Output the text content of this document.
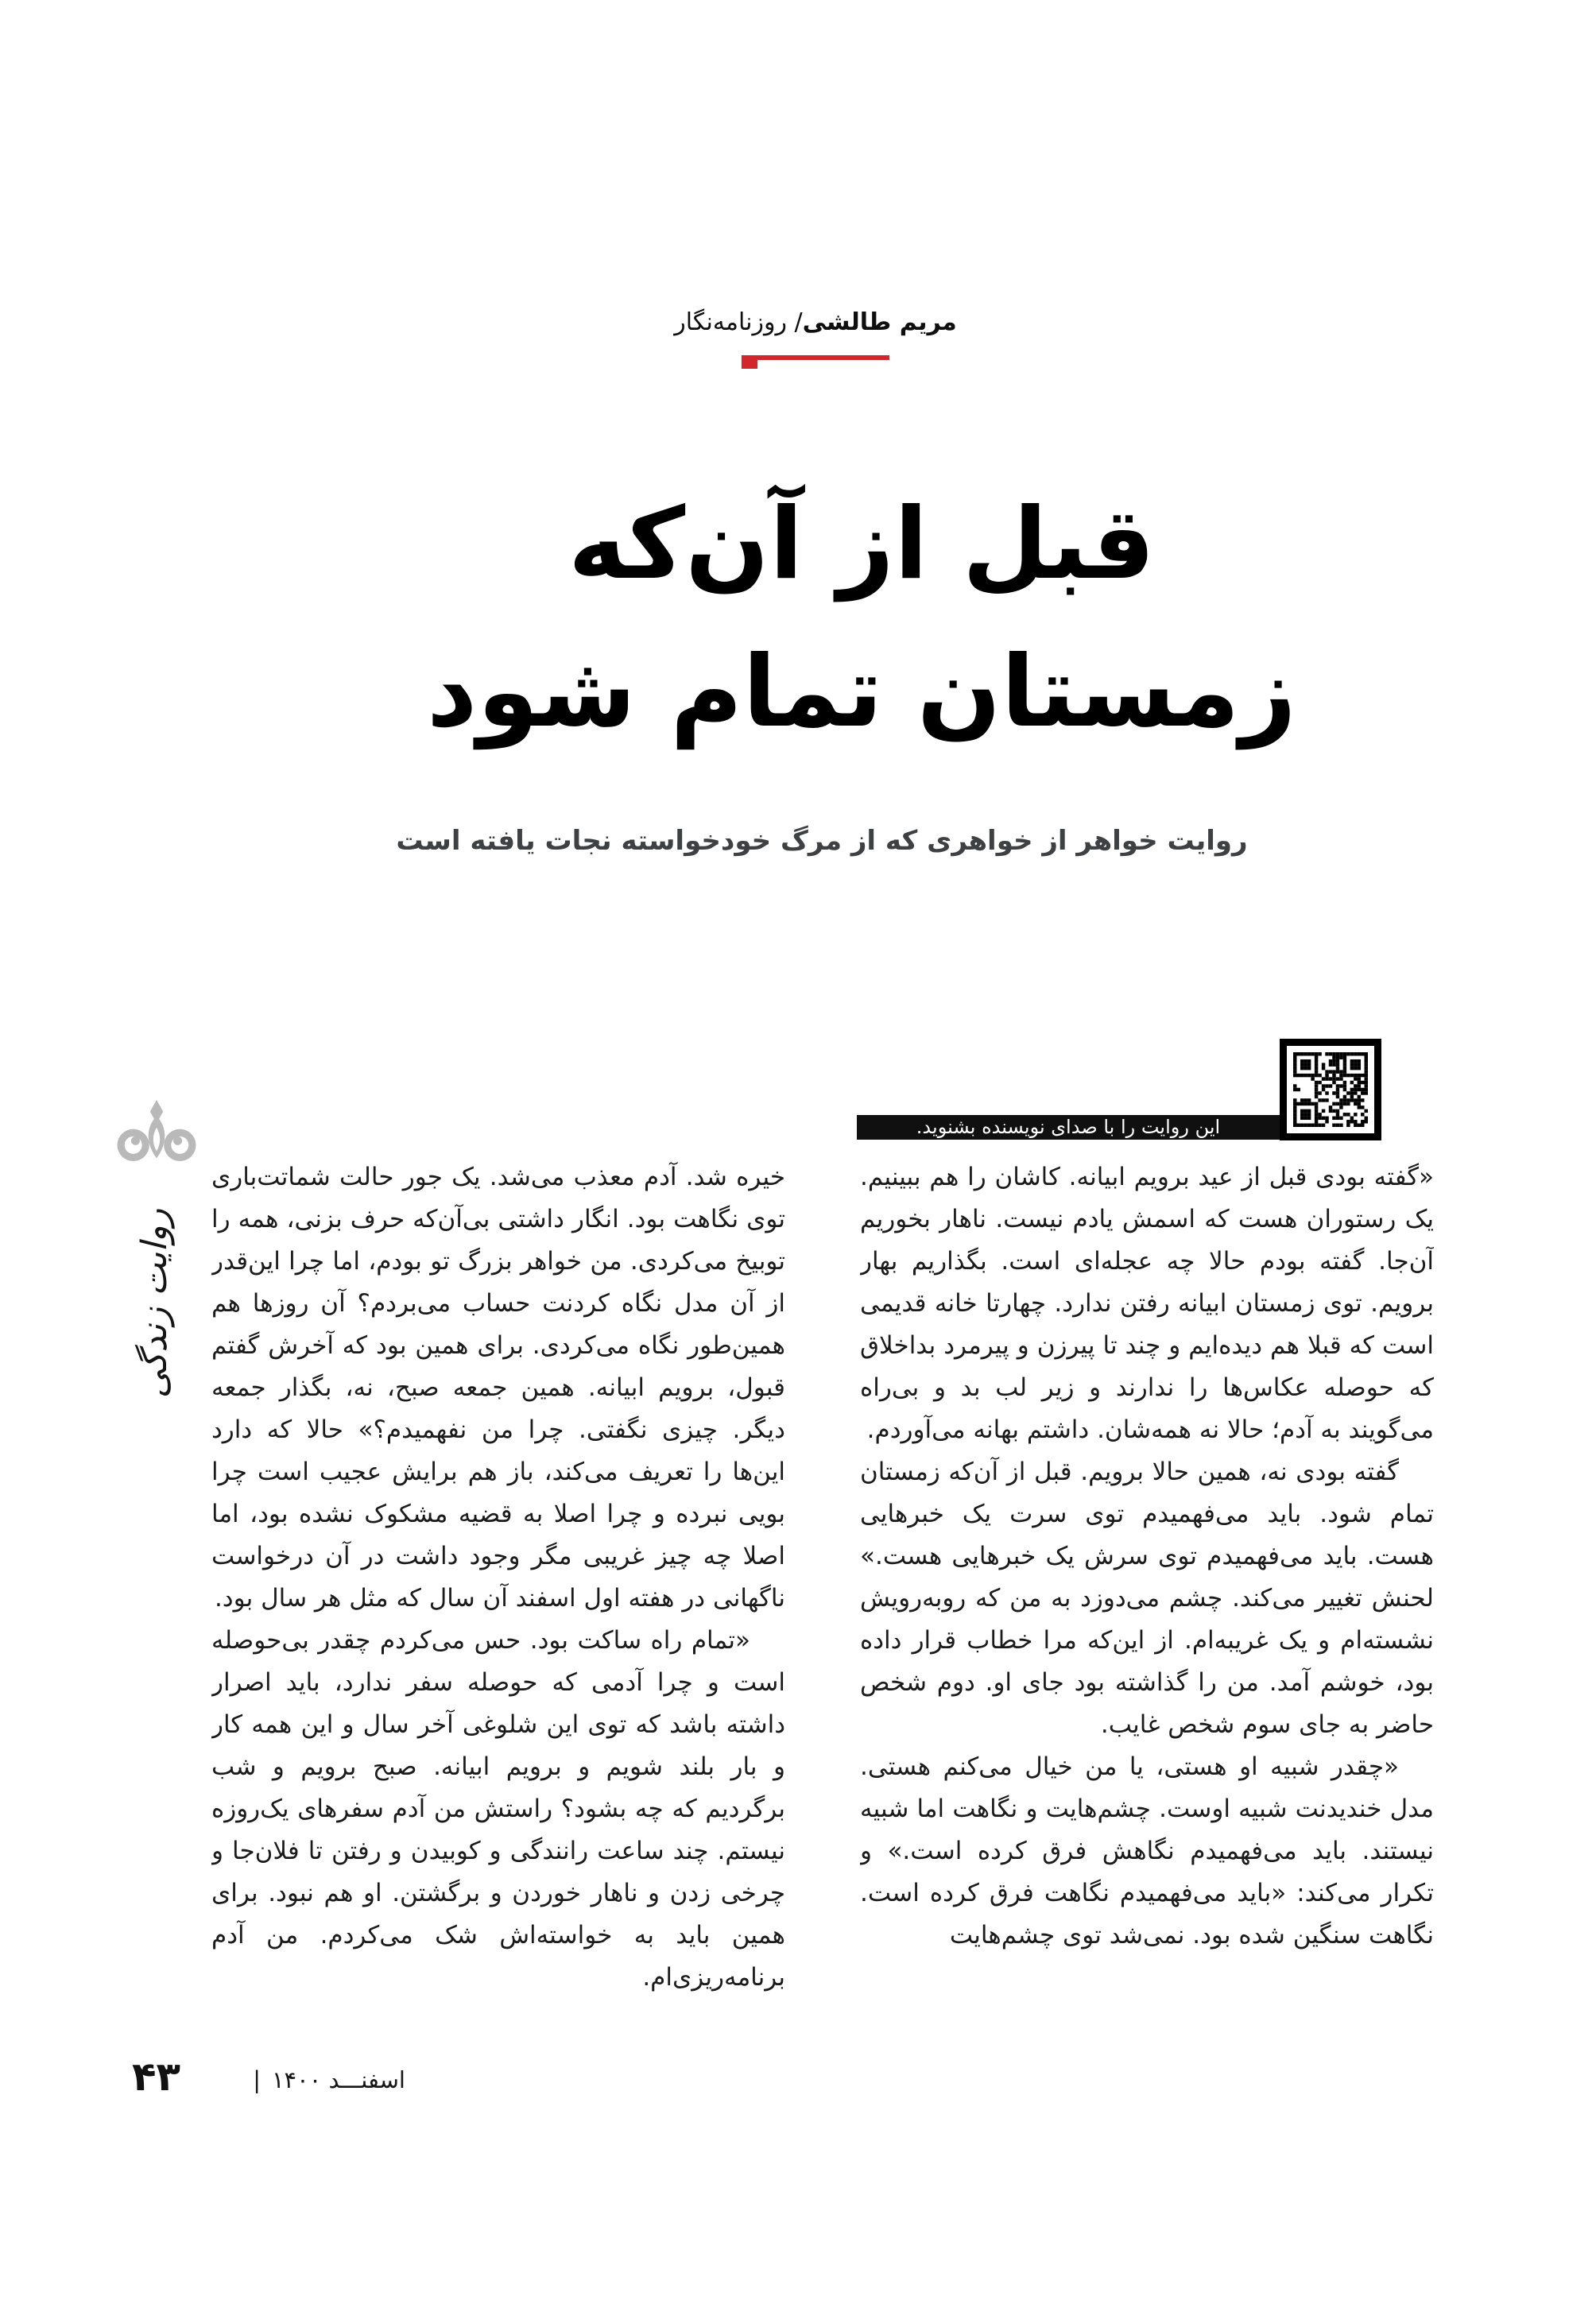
مریم طالشی/ روزنامه‌نگار
قبل از آن‌که
زمستان تمام شود
روایت خواهر از خواهری که از مرگ خودخواسته نجات یافته است
این روایت را با صدای نویسنده بشنوید.

«گفته بودی قبل از عید برویم ابیانه. کاشان را هم ببینیم. یک رستوران هست که اسمش یادم نیست. ناهار بخوریم آن‌جا. گفته بودم حالا چه عجله‌ای است. بگذاریم بهار برویم. توی زمستان ابیانه رفتن ندارد. چهارتا خانه قدیمی است که قبلا هم دیده‌ایم و چند تا پیرزن و پیرمرد بداخلاق که حوصله عکاس‌ها را ندارند و زیر لب بد و بی‌راه می‌گویند به آدم؛ حالا نه همه‌شان. داشتم بهانه می‌آوردم.

گفته بودی نه، همین حالا برویم. قبل از آن‌که زمستان تمام شود. باید می‌فهمیدم توی سرت یک خبرهایی هست. باید می‌فهمیدم توی سرش یک خبرهایی هست.» لحنش تغییر می‌کند. چشم می‌دوزد به من که روبه‌رویش نشسته‌ام و یک غریبه‌ام. از این‌که مرا خطاب قرار داده بود، خوشم آمد. من را گذاشته بود جای او. دوم شخص حاضر به جای سوم شخص غایب.

«چقدر شبیه او هستی، یا من خیال می‌کنم هستی. مدل خندیدنت شبیه اوست. چشم‌هایت و نگاهت اما شبیه نیستند. باید می‌فهمیدم نگاهش فرق کرده است.» و تکرار می‌کند: «باید می‌فهمیدم نگاهت فرق کرده است. نگاهت سنگین شده بود. نمی‌شد توی چشم‌هایت

خیره شد. آدم معذب می‌شد. یک جور حالت شماتت‌باری توی نگاهت بود. انگار داشتی بی‌آن‌که حرف بزنی، همه را توبیخ می‌کردی. من خواهر بزرگ تو بودم، اما چرا این‌قدر از آن مدل نگاه کردنت حساب می‌بردم؟ آن روزها هم همین‌طور نگاه می‌کردی. برای همین بود که آخرش گفتم قبول، برویم ابیانه. همین جمعه صبح، نه، بگذار جمعه دیگر. چیزی نگفتی. چرا من نفهمیدم؟» حالا که دارد این‌ها را تعریف می‌کند، باز هم برایش عجیب است چرا بویی نبرده و چرا اصلا به قضیه مشکوک نشده بود، اما اصلا چه چیز غریبی مگر وجود داشت در آن درخواست ناگهانی در هفته اول اسفند آن سال که مثل هر سال بود.

«تمام راه ساکت بود. حس می‌کردم چقدر بی‌حوصله است و چرا آدمی که حوصله سفر ندارد، باید اصرار داشته باشد که توی این شلوغی آخر سال و این همه کار و بار بلند شویم و برویم ابیانه. صبح برویم و شب برگردیم که چه بشود؟ راستش من آدم سفرهای یک‌روزه نیستم. چند ساعت رانندگی و کوبیدن و رفتن تا فلان‌جا و چرخی زدن و ناهار خوردن و برگشتن. او هم نبود. برای همین باید به خواسته‌اش شک می‌کردم. من آدم برنامه‌ریزی‌ام.

روایت زندگی
۴۳	اسفنـــد ۱۴۰۰|
